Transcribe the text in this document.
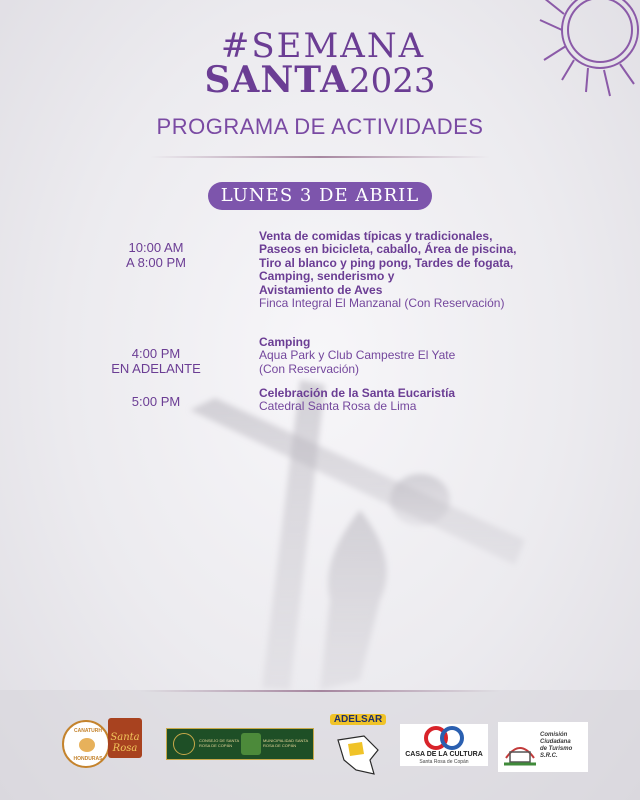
#SEMANA
SANTA2023
PROGRAMA DE ACTIVIDADES
LUNES 3 DE ABRIL
10:00 AM
A 8:00 PM
Venta de comidas típicas y tradicionales,
Paseos en bicicleta, caballo, Área de piscina,
Tiro al blanco y ping pong, Tardes de fogata,
Camping, senderismo y
Avistamiento de Aves
Finca Integral El Manzanal (Con Reservación)
4:00 PM
EN ADELANTE
Camping
Aqua Park y Club Campestre El Yate
(Con Reservación)
5:00 PM
Celebración de la Santa Eucaristía
Catedral Santa Rosa de Lima
CANATURH
HONDURAS
Santa Rosa
CONSEJO DE SANTA ROSA DE COPÁN
MUNICIPALIDAD SANTA ROSA DE COPÁN
ADELSAR
CASA DE LA CULTURA
Santa Rosa de Copán
Comisión
Ciudadana
de Turismo
S.R.C.
